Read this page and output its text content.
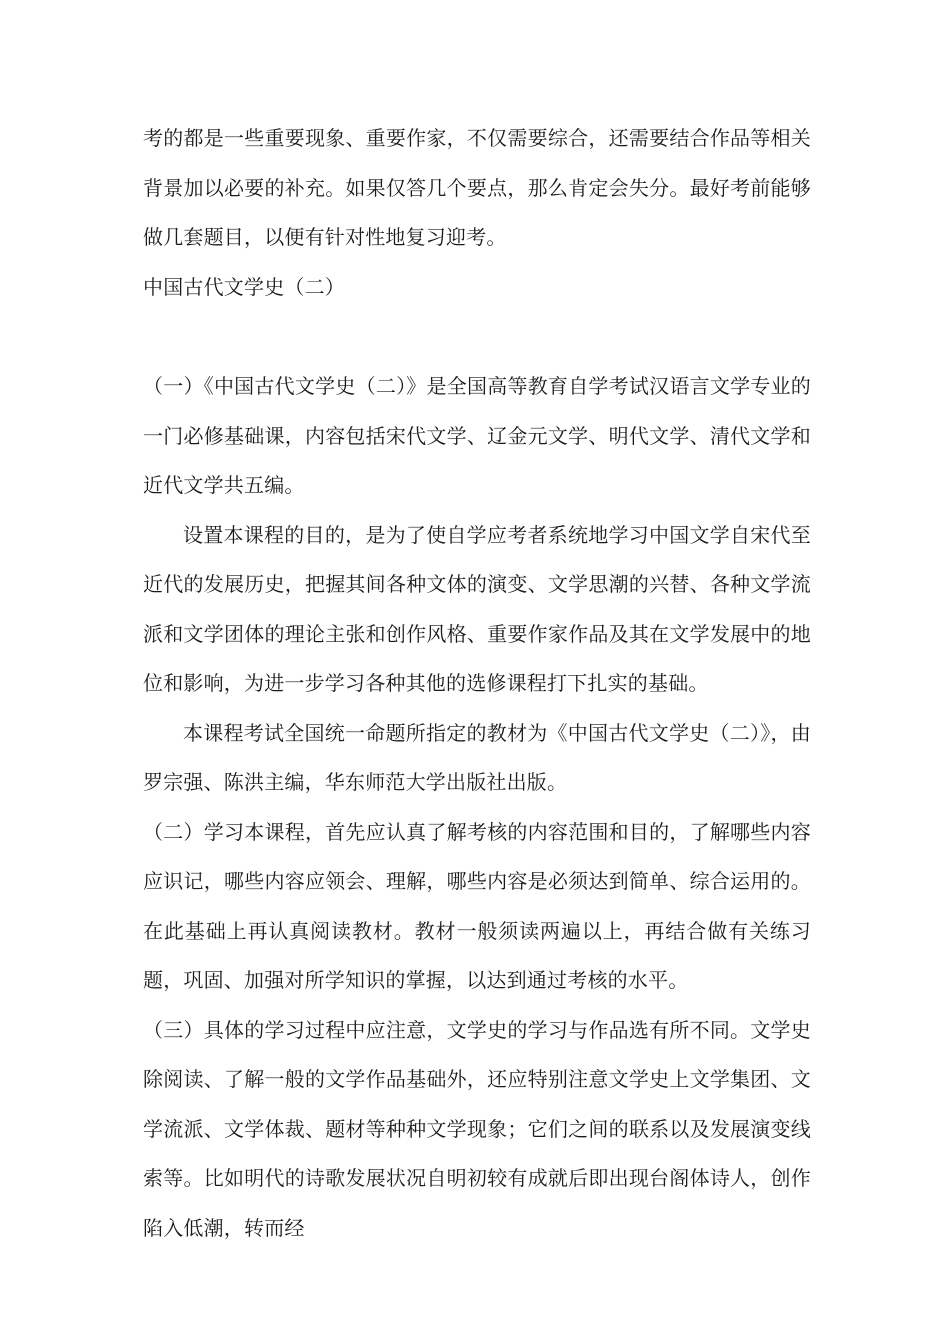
考的都是一些重要现象、重要作家，不仅需要综合，还需要结合作品等相关背景加以必要的补充。如果仅答几个要点，那么肯定会失分。最好考前能够做几套题目，以便有针对性地复习迎考。

中国古代文学史（二）

（一）《中国古代文学史（二）》是全国高等教育自学考试汉语言文学专业的一门必修基础课，内容包括宋代文学、辽金元文学、明代文学、清代文学和近代文学共五编。

设置本课程的目的，是为了使自学应考者系统地学习中国文学自宋代至近代的发展历史，把握其间各种文体的演变、文学思潮的兴替、各种文学流派和文学团体的理论主张和创作风格、重要作家作品及其在文学发展中的地位和影响，为进一步学习各种其他的选修课程打下扎实的基础。

本课程考试全国统一命题所指定的教材为《中国古代文学史（二）》，由罗宗强、陈洪主编，华东师范大学出版社出版。

（二）学习本课程，首先应认真了解考核的内容范围和目的，了解哪些内容应识记，哪些内容应领会、理解，哪些内容是必须达到简单、综合运用的。在此基础上再认真阅读教材。教材一般须读两遍以上，再结合做有关练习题，巩固、加强对所学知识的掌握，以达到通过考核的水平。

（三）具体的学习过程中应注意，文学史的学习与作品选有所不同。文学史除阅读、了解一般的文学作品基础外，还应特别注意文学史上文学集团、文学流派、文学体裁、题材等种种文学现象；它们之间的联系以及发展演变线索等。比如明代的诗歌发展状况自明初较有成就后即出现台阁体诗人，创作陷入低潮，转而经
